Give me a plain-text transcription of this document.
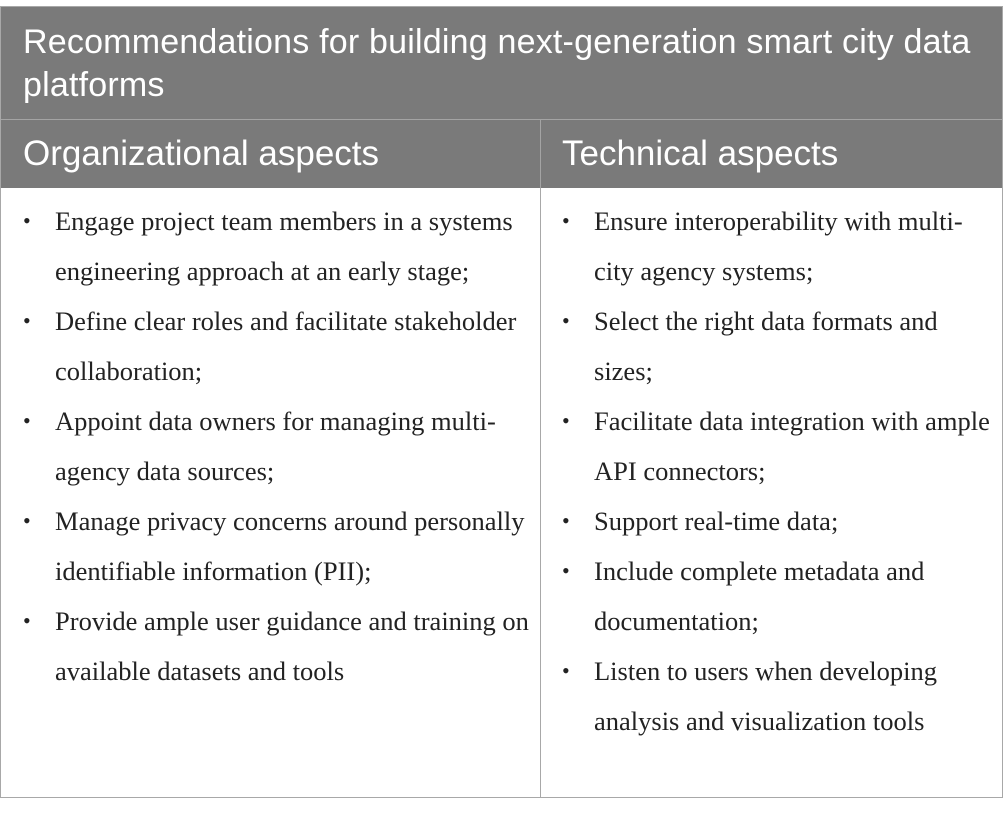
Recommendations for building next-generation smart city data platforms
Organizational aspects	Technical aspects
• Engage project team members in a systems engineering approach at an early stage;
• Define clear roles and facilitate stakeholder collaboration;
• Appoint data owners for managing multi-agency data sources;
• Manage privacy concerns around personally identifiable information (PII);
• Provide ample user guidance and training on available datasets and tools
• Ensure interoperability with multi-city agency systems;
• Select the right data formats and sizes;
• Facilitate data integration with ample API connectors;
• Support real-time data;
• Include complete metadata and documentation;
• Listen to users when developing analysis and visualization tools
